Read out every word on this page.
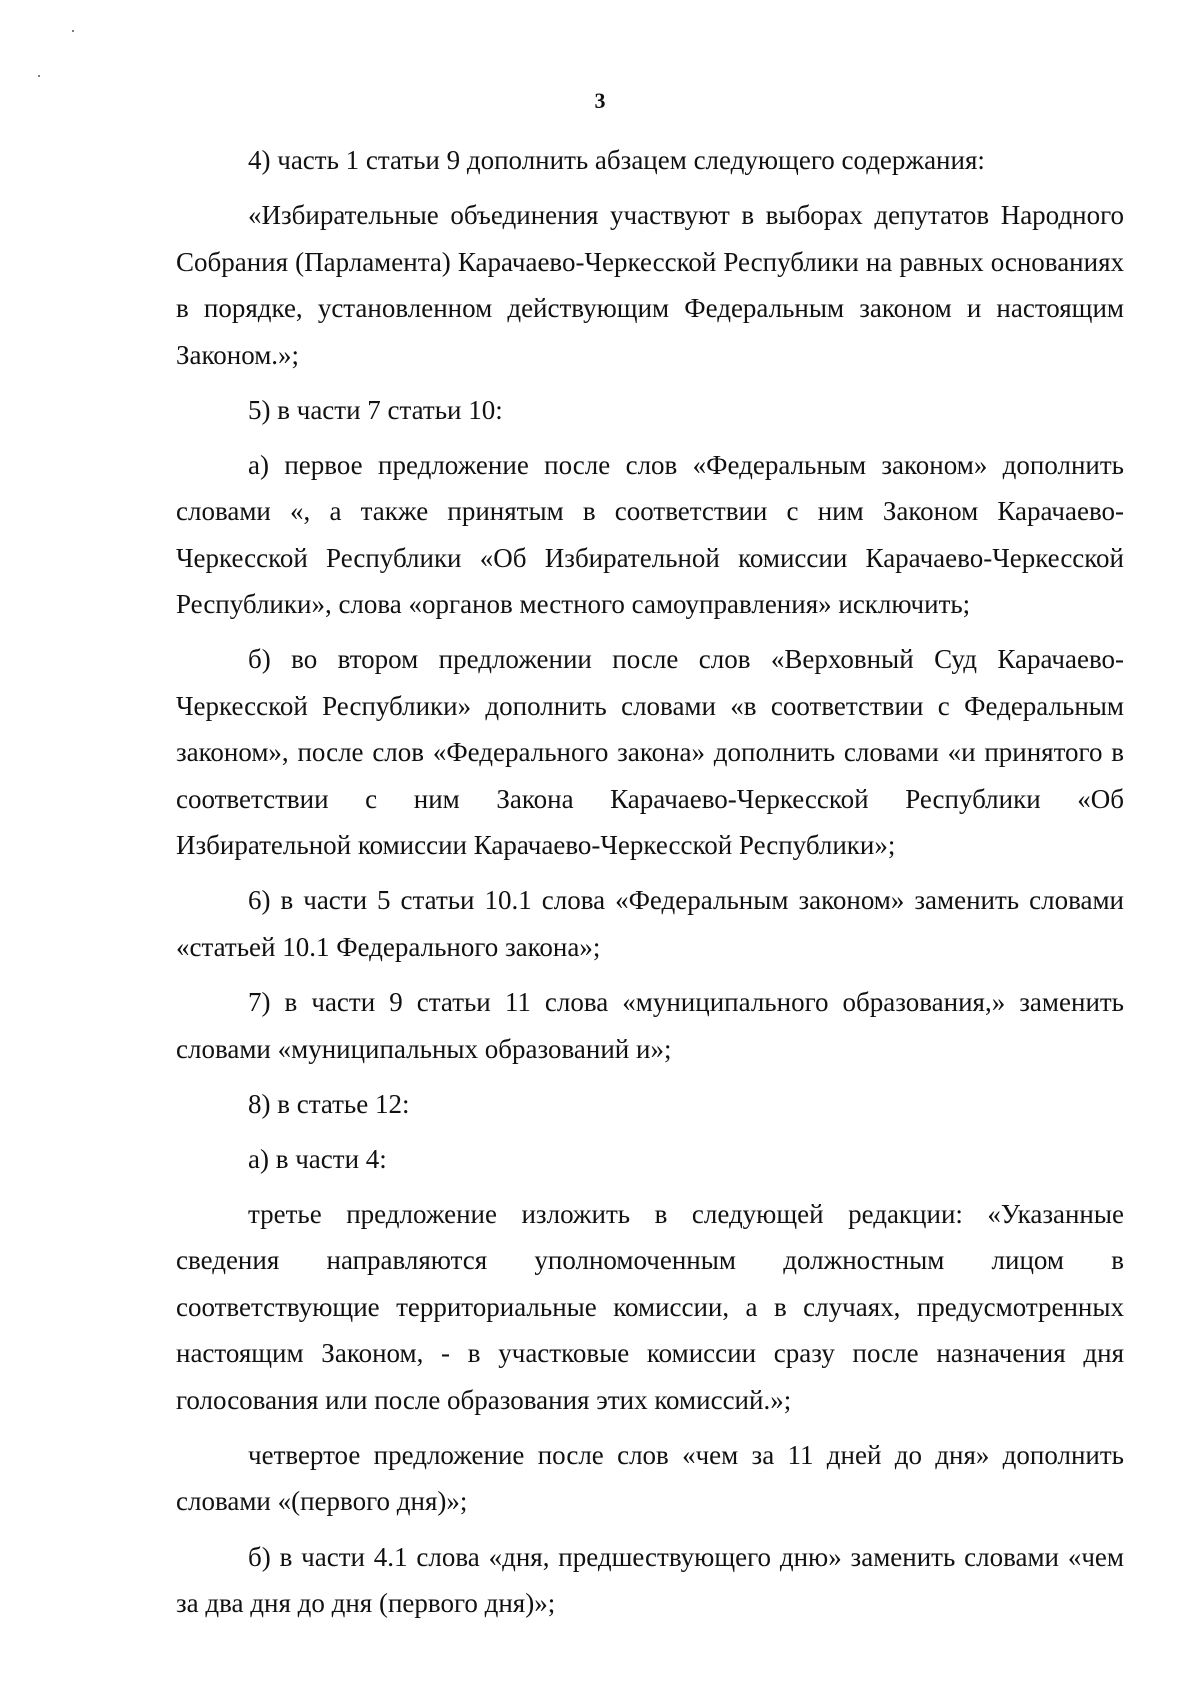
3

4) часть 1 статьи 9 дополнить абзацем следующего содержания:

«Избирательные объединения участвуют в выборах депутатов Народного Собрания (Парламента) Карачаево-Черкесской Республики на равных основаниях в порядке, установленном действующим Федеральным законом и настоящим Законом.»;

5) в части 7 статьи 10:

а) первое предложение после слов «Федеральным законом» дополнить словами «, а также принятым в соответствии с ним Законом Карачаево-Черкесской Республики «Об Избирательной комиссии Карачаево-Черкесской Республики», слова «органов местного самоуправления» исключить;

б) во втором предложении после слов «Верховный Суд Карачаево-Черкесской Республики» дополнить словами «в соответствии с Федеральным законом», после слов «Федерального закона» дополнить словами «и принятого в соответствии с ним Закона Карачаево-Черкесской Республики «Об Избирательной комиссии Карачаево-Черкесской Республики»;

6) в части 5 статьи 10.1 слова «Федеральным законом» заменить словами «статьей 10.1 Федерального закона»;

7) в части 9 статьи 11 слова «муниципального образования,» заменить словами «муниципальных образований и»;

8) в статье 12:

а) в части 4:

третье предложение изложить в следующей редакции: «Указанные сведения направляются уполномоченным должностным лицом в соответствующие территориальные комиссии, а в случаях, предусмотренных настоящим Законом, - в участковые комиссии сразу после назначения дня голосования или после образования этих комиссий.»;

четвертое предложение после слов «чем за 11 дней до дня» дополнить словами «(первого дня)»;

б) в части 4.1 слова «дня, предшествующего дню» заменить словами «чем за два дня до дня (первого дня)»;
